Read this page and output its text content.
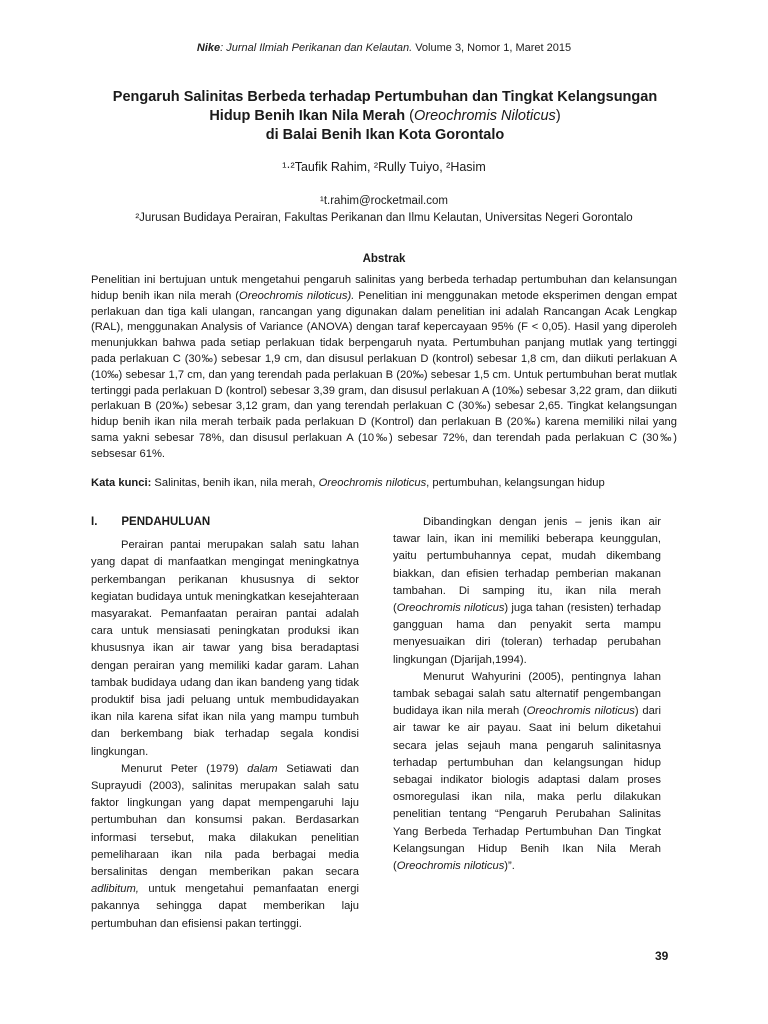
Nike: Jurnal Ilmiah Perikanan dan Kelautan. Volume 3, Nomor 1, Maret 2015
Pengaruh Salinitas Berbeda terhadap Pertumbuhan dan Tingkat Kelangsungan
Hidup Benih Ikan Nila Merah (Oreochromis Niloticus)
di Balai Benih Ikan Kota Gorontalo
¹·²Taufik Rahim, ²Rully Tuiyo, ²Hasim
¹t.rahim@rocketmail.com
²Jurusan Budidaya Perairan, Fakultas Perikanan dan Ilmu Kelautan, Universitas Negeri Gorontalo
Abstrak
Penelitian ini bertujuan untuk mengetahui pengaruh salinitas yang berbeda terhadap pertumbuhan dan kelansungan hidup benih ikan nila merah (Oreochromis niloticus). Penelitian ini menggunakan metode eksperimen dengan empat perlakuan dan tiga kali ulangan, rancangan yang digunakan dalam penelitian ini adalah Rancangan Acak Lengkap (RAL), menggunakan Analysis of Variance (ANOVA) dengan taraf kepercayaan 95% (F < 0,05). Hasil yang diperoleh menunjukkan bahwa pada setiap perlakuan tidak berpengaruh nyata. Pertumbuhan panjang mutlak yang tertinggi pada perlakuan C (30‰) sebesar 1,9 cm, dan disusul perlakuan D (kontrol) sebesar 1,8 cm, dan diikuti perlakuan A (10‰) sebesar 1,7 cm, dan yang terendah pada perlakuan B (20‰) sebesar 1,5 cm. Untuk pertumbuhan berat mutlak tertinggi pada perlakuan D (kontrol) sebesar 3,39 gram, dan disusul perlakuan A (10‰) sebesar 3,22 gram, dan diikuti perlakuan B (20‰) sebesar 3,12 gram, dan yang terendah perlakuan C (30‰) sebesar 2,65. Tingkat kelangsungan hidup benih ikan nila merah terbaik pada perlakuan D (Kontrol) dan perlakuan B (20‰) karena memiliki nilai yang sama yakni sebesar 78%, dan disusul perlakuan A (10‰) sebesar 72%, dan terendah pada perlakuan C (30‰) sebsesar 61%.
Kata kunci: Salinitas, benih ikan, nila merah, Oreochromis niloticus, pertumbuhan, kelangsungan hidup
I. PENDAHULUAN

Perairan pantai merupakan salah satu lahan yang dapat di manfaatkan mengingat meningkatnya perkembangan perikanan khususnya di sektor kegiatan budidaya untuk meningkatkan kesejahteraan masyarakat. Pemanfaatan perairan pantai adalah cara untuk mensiasati peningkatan produksi ikan khususnya ikan air tawar yang bisa beradaptasi dengan perairan yang memiliki kadar garam. Lahan tambak budidaya udang dan ikan bandeng yang tidak produktif bisa jadi peluang untuk membudidayakan ikan nila karena sifat ikan nila yang mampu tumbuh dan berkembang biak terhadap segala kondisi lingkungan.

Menurut Peter (1979) dalam Setiawati dan Suprayudi (2003), salinitas merupakan salah satu faktor lingkungan yang dapat mempengaruhi laju pertumbuhan dan konsumsi pakan. Berdasarkan informasi tersebut, maka dilakukan penelitian pemeliharaan ikan nila pada berbagai media bersalinitas dengan memberikan pakan secara adlibitum, untuk mengetahui pemanfaatan energi pakannya sehingga dapat memberikan laju pertumbuhan dan efisiensi pakan tertinggi.

Dibandingkan dengan jenis – jenis ikan air tawar lain, ikan ini memiliki beberapa keunggulan, yaitu pertumbuhannya cepat, mudah dikembang biakkan, dan efisien terhadap pemberian makanan tambahan. Di samping itu, ikan nila merah (Oreochromis niloticus) juga tahan (resisten) terhadap gangguan hama dan penyakit serta mampu menyesuaikan diri (toleran) terhadap perubahan lingkungan (Djarijah,1994).

Menurut Wahyurini (2005), pentingnya lahan tambak sebagai salah satu alternatif pengembangan budidaya ikan nila merah (Oreochromis niloticus) dari air tawar ke air payau. Saat ini belum diketahui secara jelas sejauh mana pengaruh salinitasnya terhadap pertumbuhan dan kelangsungan hidup sebagai indikator biologis adaptasi dalam proses osmoregulasi ikan nila, maka perlu dilakukan penelitian tentang “Pengaruh Perubahan Salinitas Yang Berbeda Terhadap Pertumbuhan Dan Tingkat Kelangsungan Hidup Benih Ikan Nila Merah (Oreochromis niloticus)”.

39
